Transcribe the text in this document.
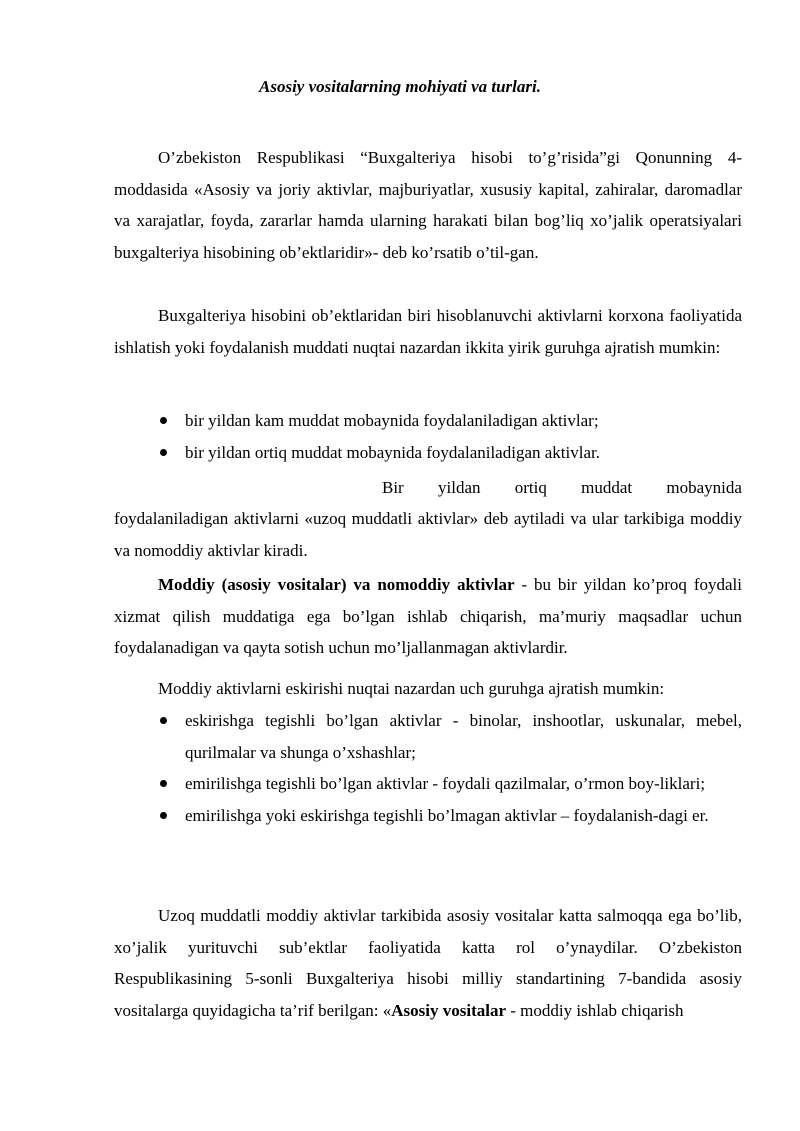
Asosiy vositalarning mohiyati va turlari.

O’zbekiston Respublikasi “Buxgalteriya hisobi to’g’risida”gi Qonunning 4-moddasida «Asosiy va joriy aktivlar, majburiyatlar, xususiy kapital, zahiralar, daromadlar va xarajatlar, foyda, zararlar hamda ularning harakati bilan bog’liq xo’jalik operatsiyalari buxgalteriya hisobining ob’ektlaridir»- deb ko’rsatib o’til-gan.

Buxgalteriya hisobini ob’ektlaridan biri hisoblanuvchi aktivlarni korxona faoliyatida ishlatish yoki foydalanish muddati nuqtai nazardan ikkita yirik guruhga ajratish mumkin:

bir yildan kam muddat mobaynida foydalaniladigan aktivlar;
bir yildan ortiq muddat mobaynida foydalaniladigan aktivlar.
Bir yildan ortiq muddat mobaynida

foydalaniladigan aktivlarni «uzoq muddatli aktivlar» deb aytiladi va ular tarkibiga moddiy va nomoddiy aktivlar kiradi.

Moddiy (asosiy vositalar) va nomoddiy aktivlar - bu bir yildan ko’proq foydali xizmat qilish muddatiga ega bo’lgan ishlab chiqarish, ma’muriy maqsadlar uchun foydalanadigan va qayta sotish uchun mo’ljallanmagan aktivlardir.

Moddiy aktivlarni eskirishi nuqtai nazardan uch guruhga ajratish mumkin:

eskirishga tegishli bo’lgan aktivlar - binolar, inshootlar, uskunalar, mebel, qurilmalar va shunga o’xshashlar;
emirilishga tegishli bo’lgan aktivlar - foydali qazilmalar, o’rmon boy-liklari;
emirilishga yoki eskirishga tegishli bo’lmagan aktivlar – foydalanish-dagi er.

Uzoq muddatli moddiy aktivlar tarkibida asosiy vositalar katta salmoqqa ega bo’lib, xo’jalik yurituvchi sub’ektlar faoliyatida katta rol o’ynaydilar. O’zbekiston Respublikasining 5-sonli Buxgalteriya hisobi milliy standartining 7-bandida asosiy vositalarga quyidagicha ta’rif berilgan: «Asosiy vositalar - moddiy ishlab chiqarish
